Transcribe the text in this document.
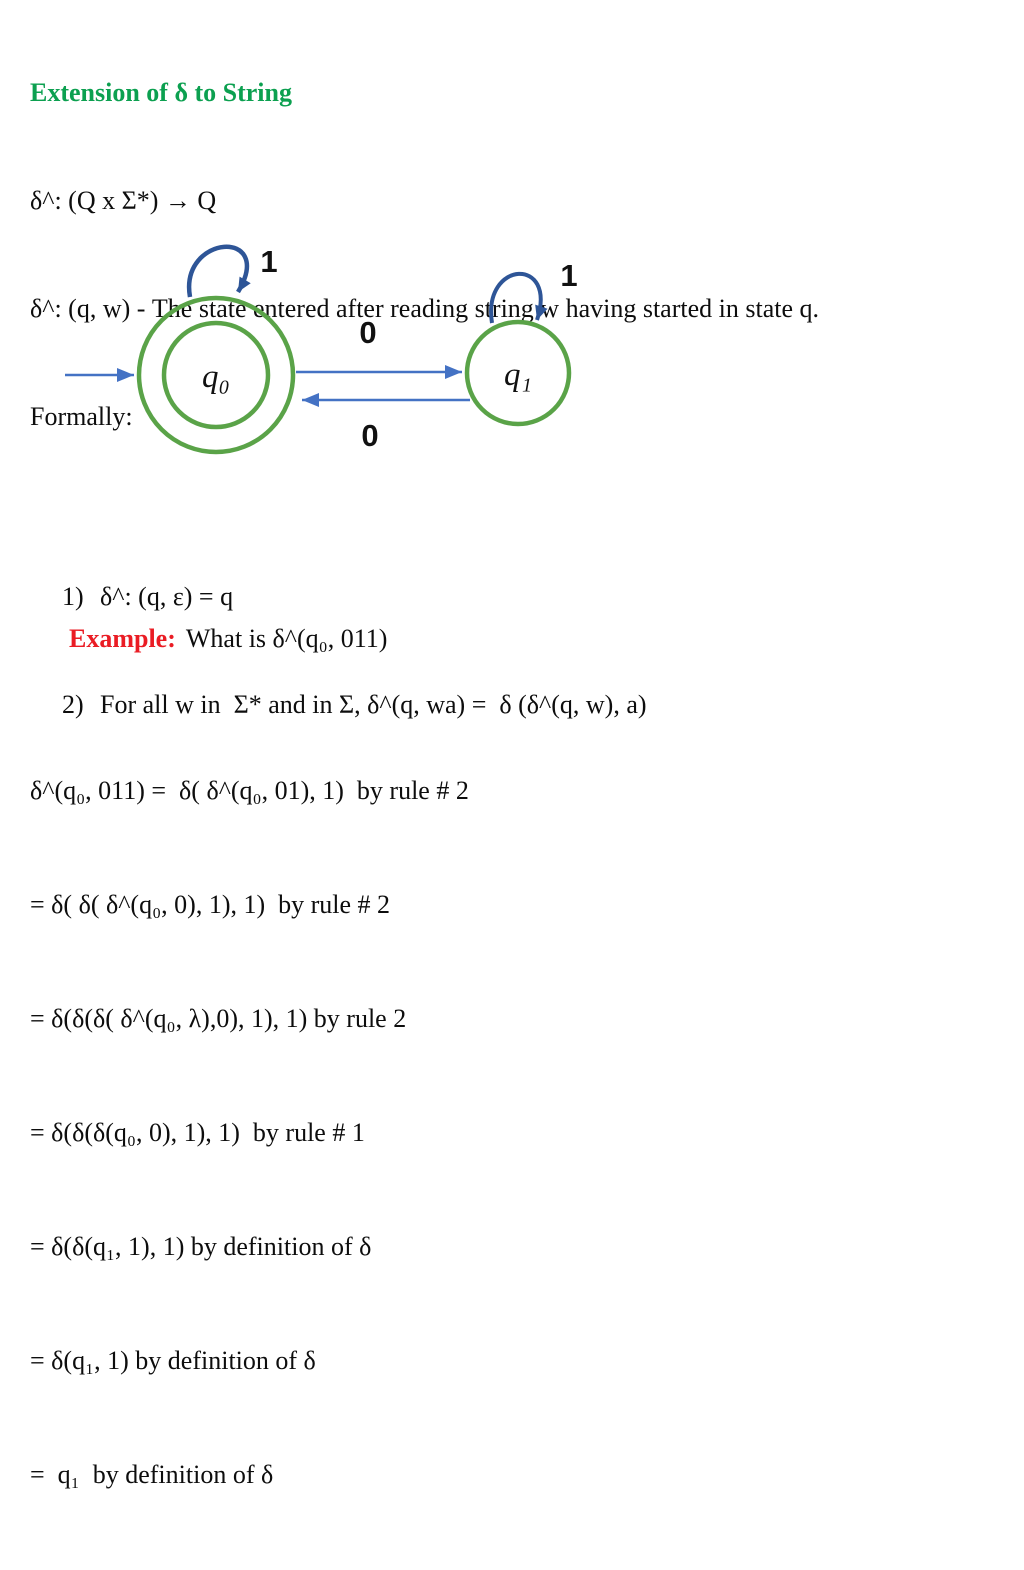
Extension of δ to String

δ^: (Q x Σ*) → Q

δ^: (q, w) - The state entered after reading string w having started in state q.

Formally:

1) δ^: (q, ε) = q

2) For all w in  Σ* and in Σ, δ^(q, wa) =  δ (δ^(q, w), a)

q₀	q₁
1	1
0
0

Example: What is δ^(q₀, 011)

δ^(q₀, 011) =  δ( δ^(q₀, 01), 1)  by rule # 2

= δ( δ( δ^(q₀, 0), 1), 1)  by rule # 2

= δ(δ(δ( δ^(q₀, λ),0), 1), 1) by rule 2

= δ(δ(δ(q₀, 0), 1), 1)  by rule # 1

= δ(δ(q₁, 1), 1) by definition of δ

= δ(q₁, 1) by definition of δ

=  q₁  by definition of δ
